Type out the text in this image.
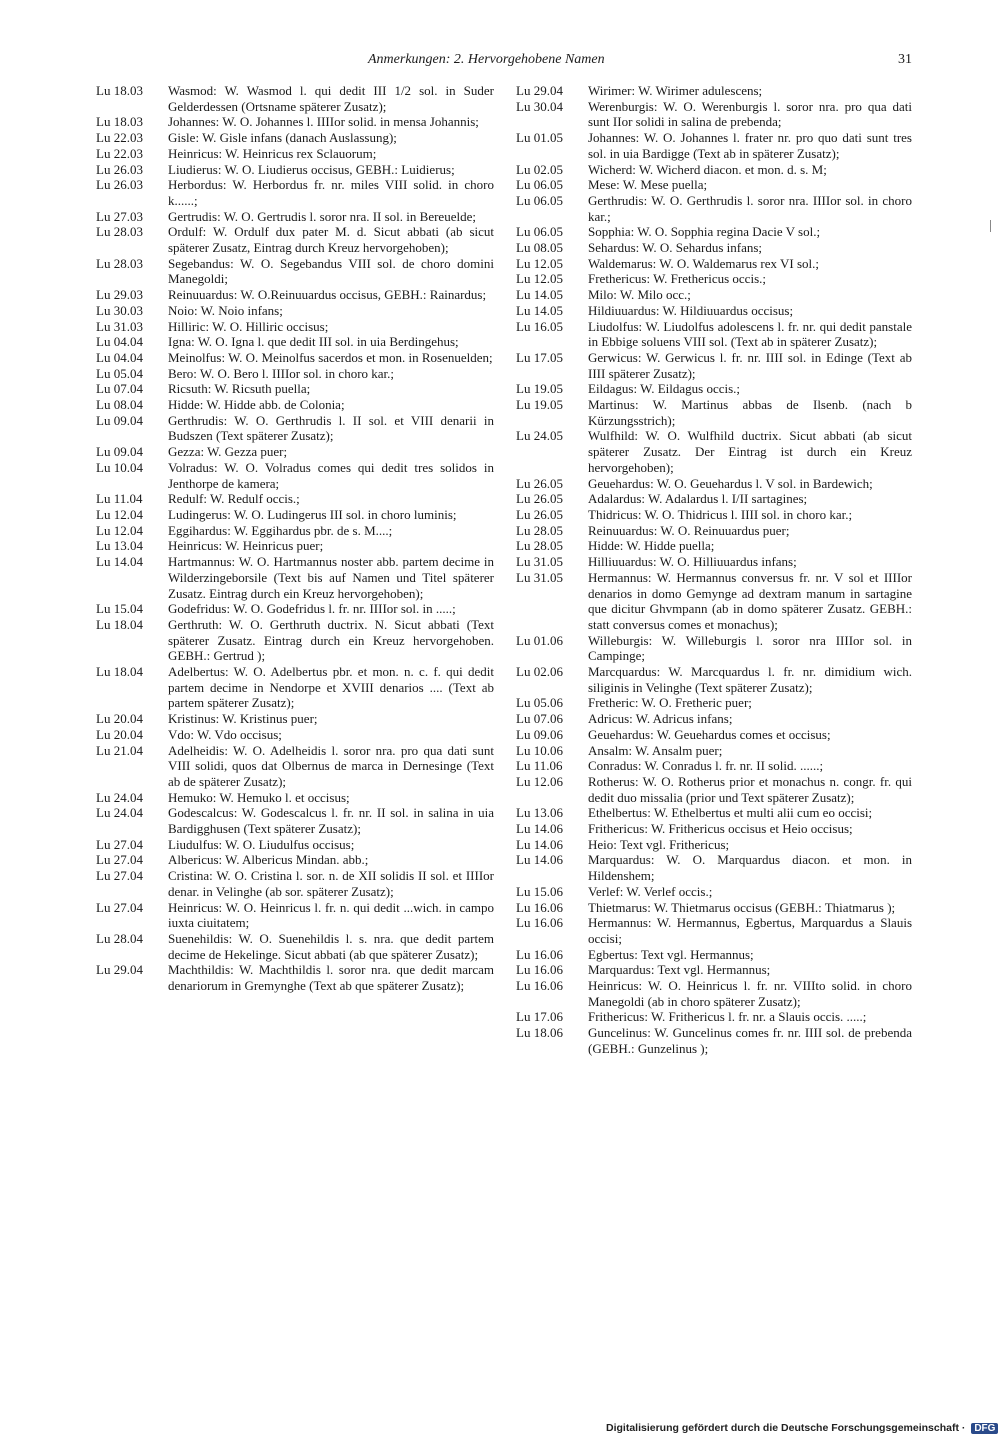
Anmerkungen: 2. Hervorgehobene Namen	31
Lu 18.03	Wasmod: W. Wasmod l. qui dedit III 1/2 sol. in Suder Gelderdessen (Ortsname späterer Zusatz);
Lu 18.03	Johannes: W. O. Johannes l. IIIIor solid. in mensa Johannis;
Lu 22.03	Gisle: W. Gisle infans (danach Auslassung);
Lu 22.03	Heinricus: W. Heinricus rex Sclauorum;
Lu 26.03	Liudierus: W. O. Liudierus occisus, GEBH.: Luidierus;
Lu 26.03	Herbordus: W. Herbordus fr. nr. miles VIII solid. in choro k......;
Lu 27.03	Gertrudis: W. O. Gertrudis l. soror nra. II sol. in Bereuelde;
Lu 28.03	Ordulf: W. Ordulf dux pater M. d. Sicut abbati (ab sicut späterer Zusatz, Eintrag durch Kreuz hervorgehoben);
Lu 28.03	Segebandus: W. O. Segebandus VIII sol. de choro domini Manegoldi;
Lu 29.03	Reinuuardus: W. O.Reinuuardus occisus, GEBH.: Rainardus;
Lu 30.03	Noio: W. Noio infans;
Lu 31.03	Hilliric: W. O. Hilliric occisus;
Lu 04.04	Igna: W. O. Igna l. que dedit III sol. in uia Berdingehus;
Lu 04.04	Meinolfus: W. O. Meinolfus sacerdos et mon. in Rosenuelden;
Lu 05.04	Bero: W. O. Bero l. IIIIor sol. in choro kar.;
Lu 07.04	Ricsuth: W. Ricsuth puella;
Lu 08.04	Hidde: W. Hidde abb. de Colonia;
Lu 09.04	Gerthrudis: W. O. Gerthrudis l. II sol. et VIII denarii in Budszen (Text späterer Zusatz);
Lu 09.04	Gezza: W. Gezza puer;
Lu 10.04	Volradus: W. O. Volradus comes qui dedit tres solidos in Jenthorpe de kamera;
Lu 11.04	Redulf: W. Redulf occis.;
Lu 12.04	Ludingerus: W. O. Ludingerus III sol. in choro luminis;
Lu 12.04	Eggihardus: W. Eggihardus pbr. de s. M....;
Lu 13.04	Heinricus: W. Heinricus puer;
Lu 14.04	Hartmannus: W. O. Hartmannus noster abb. partem decime in Wilderzingeborsile (Text bis auf Namen und Titel späterer Zusatz. Eintrag durch ein Kreuz hervorgehoben);
Lu 15.04	Godefridus: W. O. Godefridus l. fr. nr. IIIIor sol. in .....;
Lu 18.04	Gerthruth: W. O. Gerthruth ductrix. N. Sicut abbati (Text späterer Zusatz. Eintrag durch ein Kreuz hervorgehoben. GEBH.: Gertrud );
Lu 18.04	Adelbertus: W. O. Adelbertus pbr. et mon. n. c. f. qui dedit partem decime in Nendorpe et XVIII denarios .... (Text ab partem späterer Zusatz);
Lu 20.04	Kristinus: W. Kristinus puer;
Lu 20.04	Vdo: W. Vdo occisus;
Lu 21.04	Adelheidis: W. O. Adelheidis l. soror nra. pro qua dati sunt VIII solidi, quos dat Olbernus de marca in Dernesinge (Text ab de späterer Zusatz);
Lu 24.04	Hemuko: W. Hemuko l. et occisus;
Lu 24.04	Godescalcus: W. Godescalcus l. fr. nr. II sol. in salina in uia Bardigghusen (Text späterer Zusatz);
Lu 27.04	Liudulfus: W. O. Liudulfus occisus;
Lu 27.04	Albericus: W. Albericus Mindan. abb.;
Lu 27.04	Cristina: W. O. Cristina l. sor. n. de XII solidis II sol. et IIIIor denar. in Velinghe (ab sor. späterer Zusatz);
Lu 27.04	Heinricus: W. O. Heinricus l. fr. n. qui dedit ...wich. in campo iuxta ciuitatem;
Lu 28.04	Suenehildis: W. O. Suenehildis l. s. nra. que dedit partem decime de Hekelinge. Sicut abbati (ab que späterer Zusatz);
Lu 29.04	Machthildis: W. Machthildis l. soror nra. que dedit marcam denariorum in Gremynghe (Text ab que späterer Zusatz);
Lu 29.04	Wirimer: W. Wirimer adulescens;
Lu 30.04	Werenburgis: W. O. Werenburgis l. soror nra. pro qua dati sunt IIor solidi in salina de prebenda;
Lu 01.05	Johannes: W. O. Johannes l. frater nr. pro quo dati sunt tres sol. in uia Bardigge (Text ab in späterer Zusatz);
Lu 02.05	Wicherd: W. Wicherd diacon. et mon. d. s. M;
Lu 06.05	Mese: W. Mese puella;
Lu 06.05	Gerthrudis: W. O. Gerthrudis l. soror nra. IIIIor sol. in choro kar.;
Lu 06.05	Sopphia: W. O. Sopphia regina Dacie V sol.;
Lu 08.05	Sehardus: W. O. Sehardus infans;
Lu 12.05	Waldemarus: W. O. Waldemarus rex VI sol.;
Lu 12.05	Frethericus: W. Frethericus occis.;
Lu 14.05	Milo: W. Milo occ.;
Lu 14.05	Hildiuuardus: W. Hildiuuardus occisus;
Lu 16.05	Liudolfus: W. Liudolfus adolescens l. fr. nr. qui dedit panstale in Ebbige soluens VIII sol. (Text ab in späterer Zusatz);
Lu 17.05	Gerwicus: W. Gerwicus l. fr. nr. IIII sol. in Edinge (Text ab IIII späterer Zusatz);
Lu 19.05	Eildagus: W. Eildagus occis.;
Lu 19.05	Martinus: W. Martinus abbas de Ilsenb. (nach b Kürzungsstrich);
Lu 24.05	Wulfhild: W. O. Wulfhild ductrix. Sicut abbati (ab sicut späterer Zusatz. Der Eintrag ist durch ein Kreuz hervorgehoben);
Lu 26.05	Geuehardus: W. O. Geuehardus l. V sol. in Bardewich;
Lu 26.05	Adalardus: W. Adalardus l. I/II sartagines;
Lu 26.05	Thidricus: W. O. Thidricus l. IIII sol. in choro kar.;
Lu 28.05	Reinuuardus: W. O. Reinuuardus puer;
Lu 28.05	Hidde: W. Hidde puella;
Lu 31.05	Hilliuuardus: W. O. Hilliuuardus infans;
Lu 31.05	Hermannus: W. Hermannus conversus fr. nr. V sol et IIIIor denarios in domo Gemynge ad dextram manum in sartagine que dicitur Ghvmpann (ab in domo späterer Zusatz. GEBH.: statt conversus comes et monachus);
Lu 01.06	Willeburgis: W. Willeburgis l. soror nra IIIIor sol. in Campinge;
Lu 02.06	Marcquardus: W. Marcquardus l. fr. nr. dimidium wich. siliginis in Velinghe (Text späterer Zusatz);
Lu 05.06	Fretheric: W. O. Fretheric puer;
Lu 07.06	Adricus: W. Adricus infans;
Lu 09.06	Geuehardus: W. Geuehardus comes et occisus;
Lu 10.06	Ansalm: W. Ansalm puer;
Lu 11.06	Conradus: W. Conradus l. fr. nr. II solid. ......;
Lu 12.06	Rotherus: W. O. Rotherus prior et monachus n. congr. fr. qui dedit duo missalia (prior und Text späterer Zusatz);
Lu 13.06	Ethelbertus: W. Ethelbertus et multi alii cum eo occisi;
Lu 14.06	Frithericus: W. Frithericus occisus et Heio occisus;
Lu 14.06	Heio: Text vgl. Frithericus;
Lu 14.06	Marquardus: W. O. Marquardus diacon. et mon. in Hildenshem;
Lu 15.06	Verlef: W. Verlef occis.;
Lu 16.06	Thietmarus: W. Thietmarus occisus (GEBH.: Thiatmarus );
Lu 16.06	Hermannus: W. Hermannus, Egbertus, Marquardus a Slauis occisi;
Lu 16.06	Egbertus: Text vgl. Hermannus;
Lu 16.06	Marquardus: Text vgl. Hermannus;
Lu 16.06	Heinricus: W. O. Heinricus l. fr. nr. VIIIto solid. in choro Manegoldi (ab in choro späterer Zusatz);
Lu 17.06	Frithericus: W. Frithericus l. fr. nr. a Slauis occis. .....;
Lu 18.06	Guncelinus: W. Guncelinus comes fr. nr. IIII sol. de prebenda (GEBH.: Gunzelinus );
Digitalisierung gefördert durch die Deutsche Forschungsgemeinschaft · DFG
